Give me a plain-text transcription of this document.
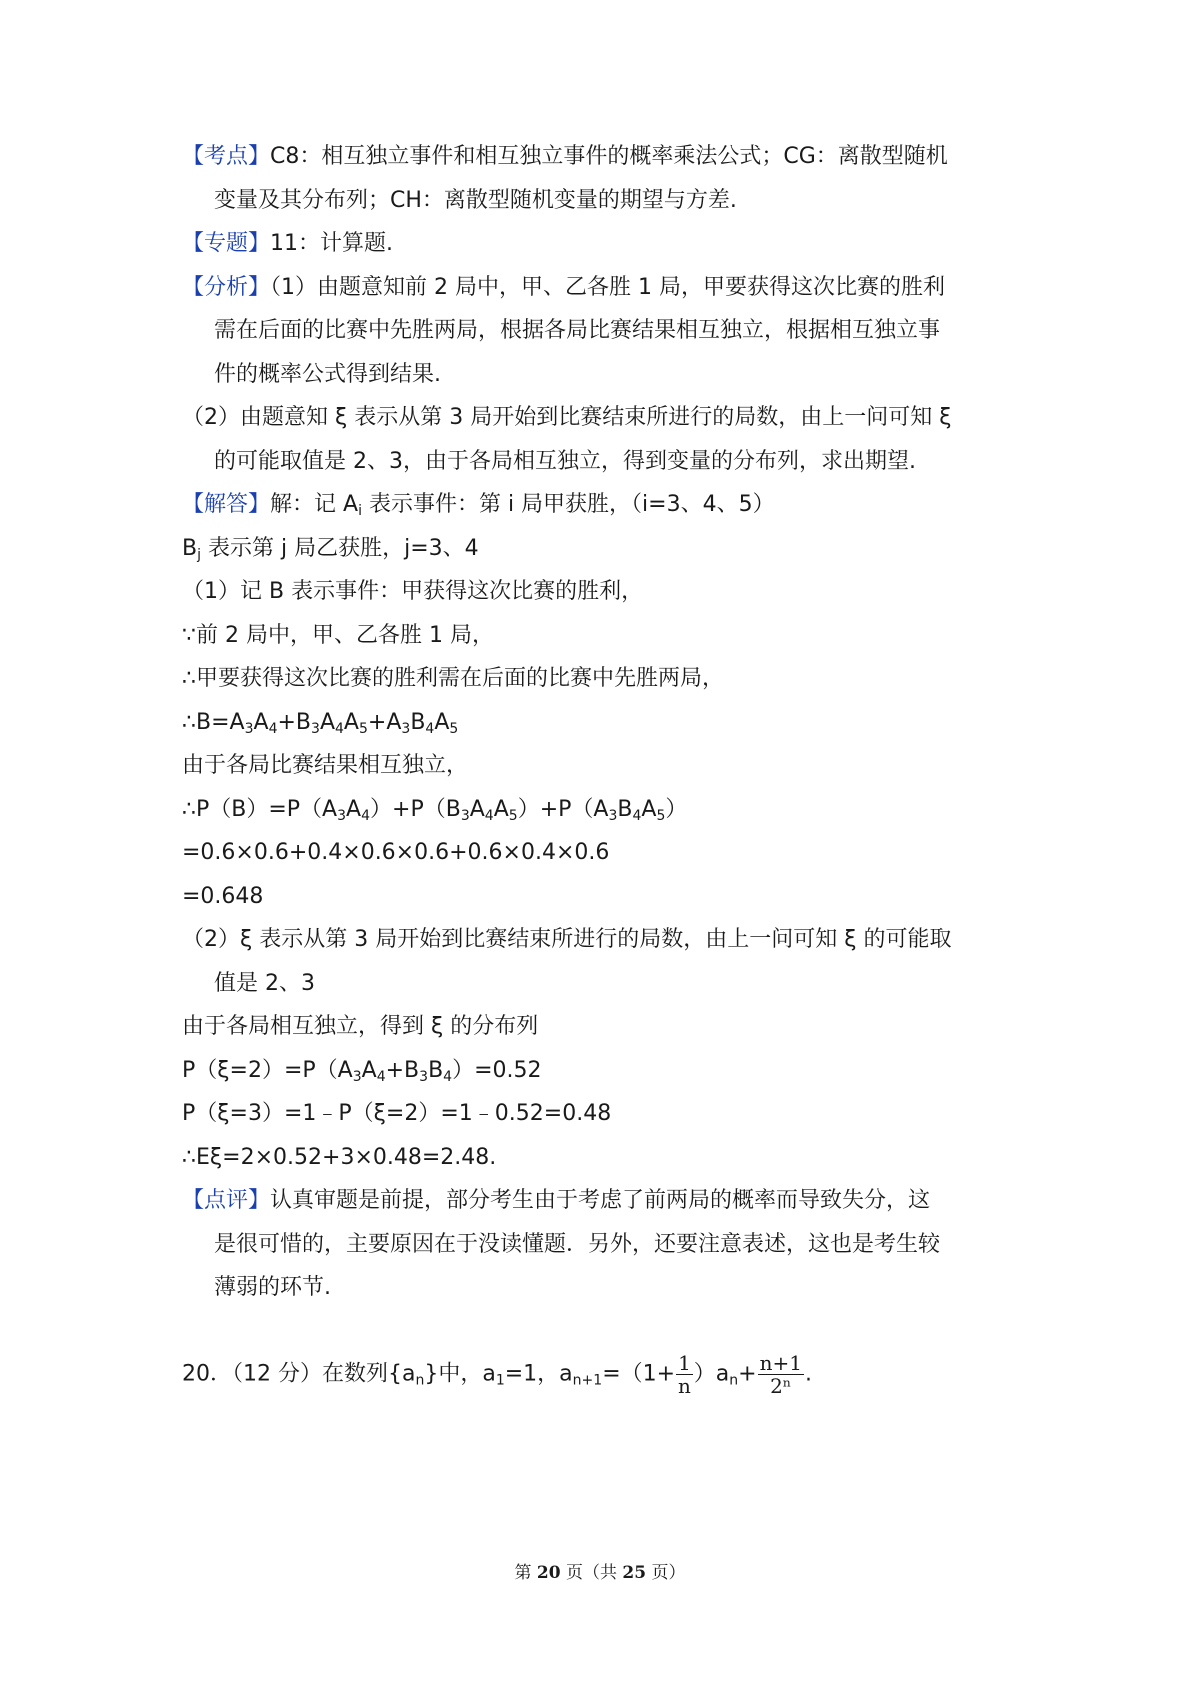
【考点】C8：相互独立事件和相互独立事件的概率乘法公式；CG：离散型随机
变量及其分布列；CH：离散型随机变量的期望与方差.
【专题】11：计算题.
【分析】（1）由题意知前 2 局中，甲、乙各胜 1 局，甲要获得这次比赛的胜利
需在后面的比赛中先胜两局，根据各局比赛结果相互独立，根据相互独立事
件的概率公式得到结果.
（2）由题意知 ξ 表示从第 3 局开始到比赛结束所进行的局数，由上一问可知 ξ
的可能取值是 2、3，由于各局相互独立，得到变量的分布列，求出期望.
【解答】解：记 $A_i$ 表示事件：第 i 局甲获胜，（i=3、4、5）
$B_j$ 表示第 j 局乙获胜，j=3、4
（1）记 B 表示事件：甲获得这次比赛的胜利，
∵前 2 局中，甲、乙各胜 1 局，
∴甲要获得这次比赛的胜利需在后面的比赛中先胜两局，
$\therefore B=A_3A_4+B_3A_4A_5+A_3B_4A_5$
由于各局比赛结果相互独立，
$\therefore P(B)=P(A_3A_4)+P(B_3A_4A_5)+P(A_3B_4A_5)$
=0.6×0.6+0.4×0.6×0.6+0.6×0.4×0.6
=0.648
（2）ξ 表示从第 3 局开始到比赛结束所进行的局数，由上一问可知 ξ 的可能取
值是 2、3
由于各局相互独立，得到 ξ 的分布列
$P(\xi=2)=P(A_3A_4+B_3B_4)=0.52$
P（ξ=3）=1﹣P（ξ=2）=1﹣0.52=0.48
∴Eξ=2×0.52+3×0.48=2.48.
【点评】认真审题是前提，部分考生由于考虑了前两局的概率而导致失分，这
是很可惜的，主要原因在于没读懂题．另外，还要注意表述，这也是考生较
薄弱的环节.
20．（12 分）在数列$\{a_n\}$中，$a_1=1$，$a_{n+1}=(1+ \frac{1}{n} )a_n+ \frac{n+1}{\text{2ⁿ}}$ .
第 20 页（共 25 页）
